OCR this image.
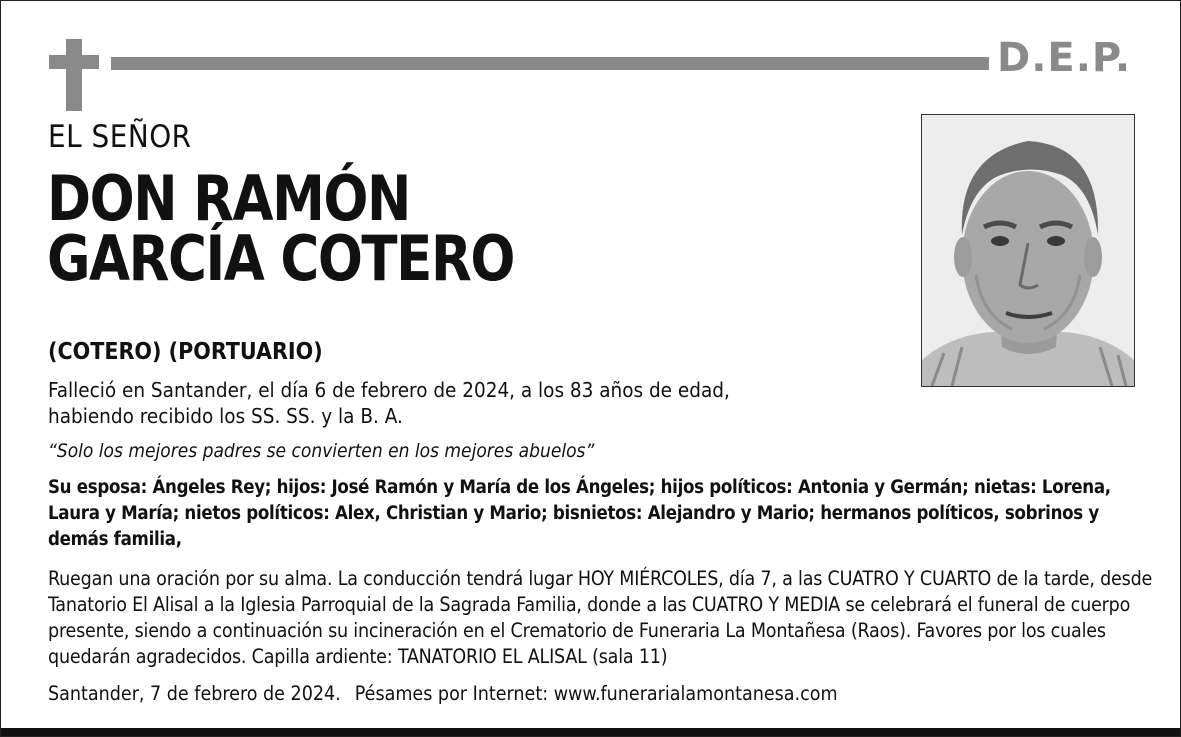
D.E.P.
EL SEÑOR
DON RAMÓN
GARCÍA COTERO
(COTERO) (PORTUARIO)
Falleció en Santander, el día 6 de febrero de 2024, a los 83 años de edad,
habiendo recibido los SS. SS. y la B. A.
“Solo los mejores padres se convierten en los mejores abuelos”
Su esposa: Ángeles Rey; hijos: José Ramón y María de los Ángeles; hijos políticos: Antonia y Germán; nietas: Lorena, Laura y María; nietos políticos: Alex, Christian y Mario; bisnietos: Alejandro y Mario; hermanos políticos, sobrinos y demás familia,
Ruegan una oración por su alma. La conducción tendrá lugar HOY MIÉRCOLES, día 7, a las CUATRO Y CUARTO de la tarde, desde Tanatorio El Alisal a la Iglesia Parroquial de la Sagrada Familia, donde a las CUATRO Y MEDIA se celebrará el funeral de cuerpo presente, siendo a continuación su incineración en el Crematorio de Funeraria La Montañesa (Raos). Favores por los cuales quedarán agradecidos. Capilla ardiente: TANATORIO EL ALISAL (sala 11)
Santander, 7 de febrero de 2024. Pésames por Internet: www.funerarialamontanesa.com
